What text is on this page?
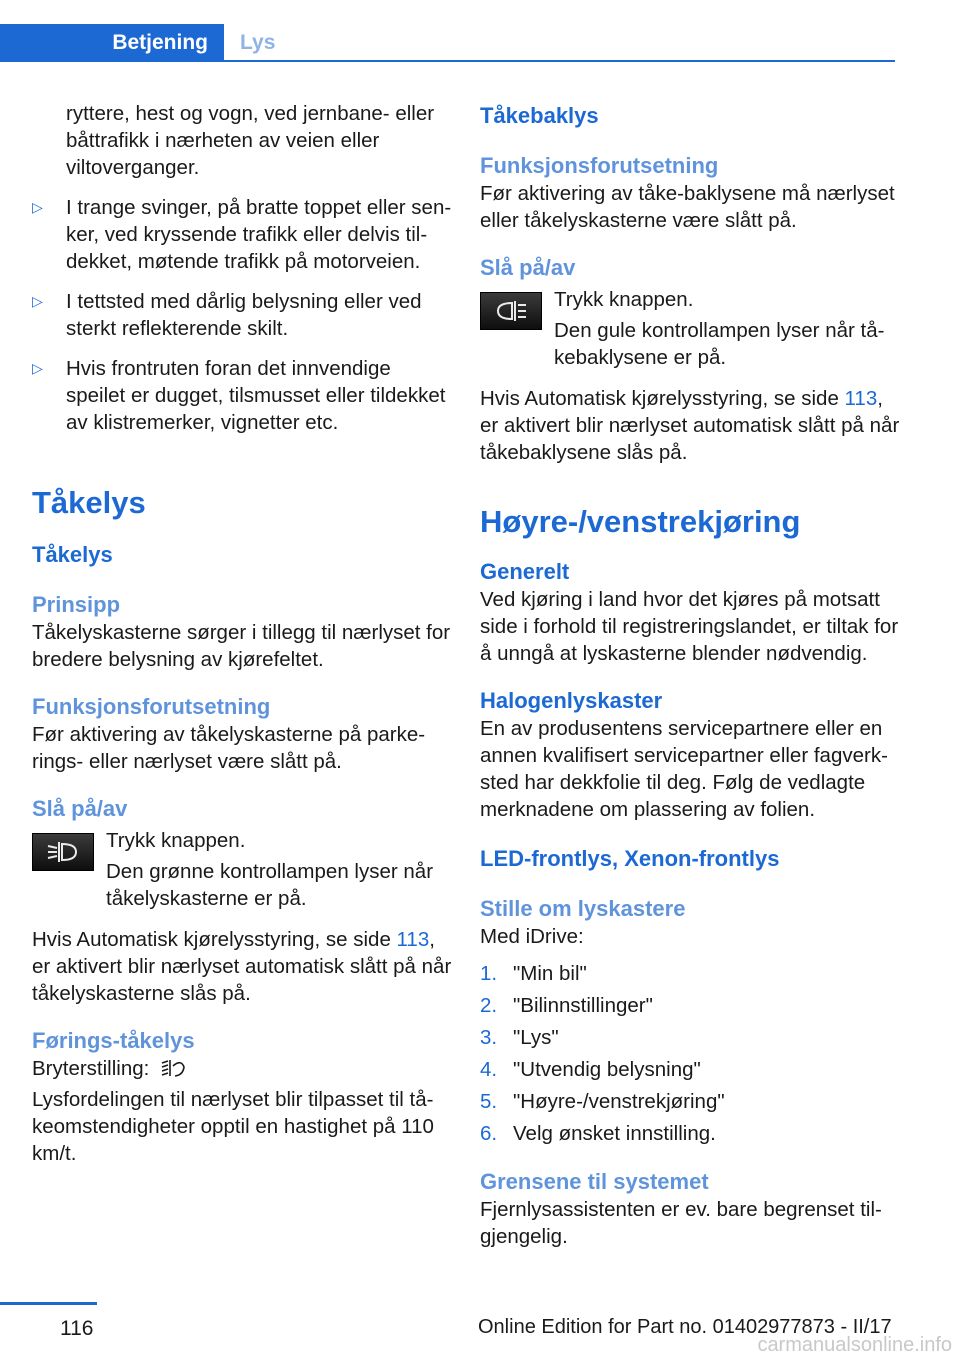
Betjening	Lys
ryttere, hest og vogn, ved jernbane- eller båttrafikk i nærheten av veien eller viltoverganger.
▷ I trange svinger, på bratte toppet eller senker, ved kryssende trafikk eller delvis tildekket, møtende trafikk på motorveien.
▷ I tettsted med dårlig belysning eller ved sterkt reflekterende skilt.
▷ Hvis frontruten foran det innvendige speilet er dugget, tilsmusset eller tildekket av klistremerker, vignetter etc.

Tåkelys

Tåkelys

Prinsipp

Tåkelyskasterne sørger i tillegg til nærlyset for bredere belysning av kjørefeltet.

Funksjonsforutsetning

Før aktivering av tåkelyskasterne på parkerings- eller nærlyset være slått på.

Slå på/av

Trykk knappen.

Den grønne kontrollampen lyser når tåkelyskasterne er på.

Hvis Automatisk kjørelysstyring, se side 113, er aktivert blir nærlyset automatisk slått på når tåkelyskasterne slås på.

Førings-tåkelys

Bryterstilling:

Lysfordelingen til nærlyset blir tilpasset til tåkeomstendigheter opptil en hastighet på 110 km/t.

Tåkebaklys

Funksjonsforutsetning

Før aktivering av tåke-baklysene må nærlyset eller tåkelyskasterne være slått på.

Slå på/av

Trykk knappen.

Den gule kontrollampen lyser når tåkebaklysene er på.

Hvis Automatisk kjørelysstyring, se side 113, er aktivert blir nærlyset automatisk slått på når tåkebaklysene slås på.

Høyre-/venstrekjøring

Generelt

Ved kjøring i land hvor det kjøres på motsatt side i forhold til registreringslandet, er tiltak for å unngå at lyskasterne blender nødvendig.

Halogenlyskaster

En av produsentens servicepartnere eller en annen kvalifisert servicepartner eller fagverksted har dekkfolie til deg. Følg de vedlagte merknadene om plassering av folien.

LED-frontlys, Xenon-frontlys

Stille om lyskastere

Med iDrive:

1. "Min bil"
2. "Bilinnstillinger"
3. "Lys"
4. "Utvendig belysning"
5. "Høyre-/venstrekjøring"
6. Velg ønsket innstilling.

Grensene til systemet

Fjernlysassistenten er ev. bare begrenset tilgjengelig.

116	Online Edition for Part no. 01402977873 - II/17
carmanualsonline.info
